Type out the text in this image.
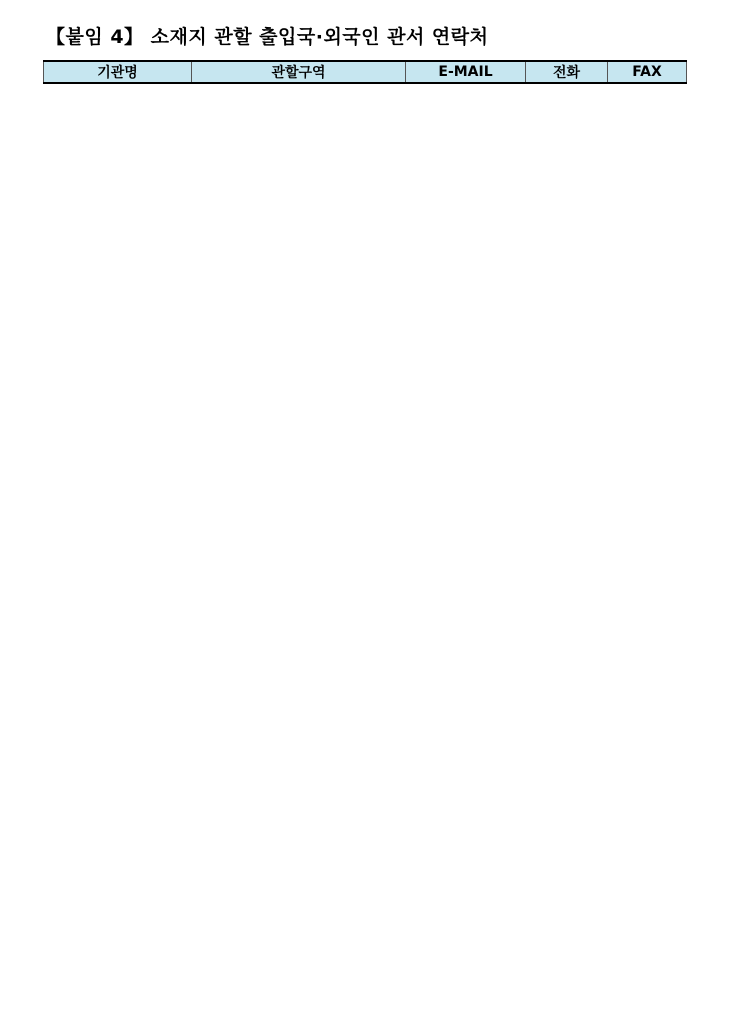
【붙임 4】 소재지 관할 출입국·외국인 관서 연락처
기관명	관할구역	E-MAIL	전화	FAX
